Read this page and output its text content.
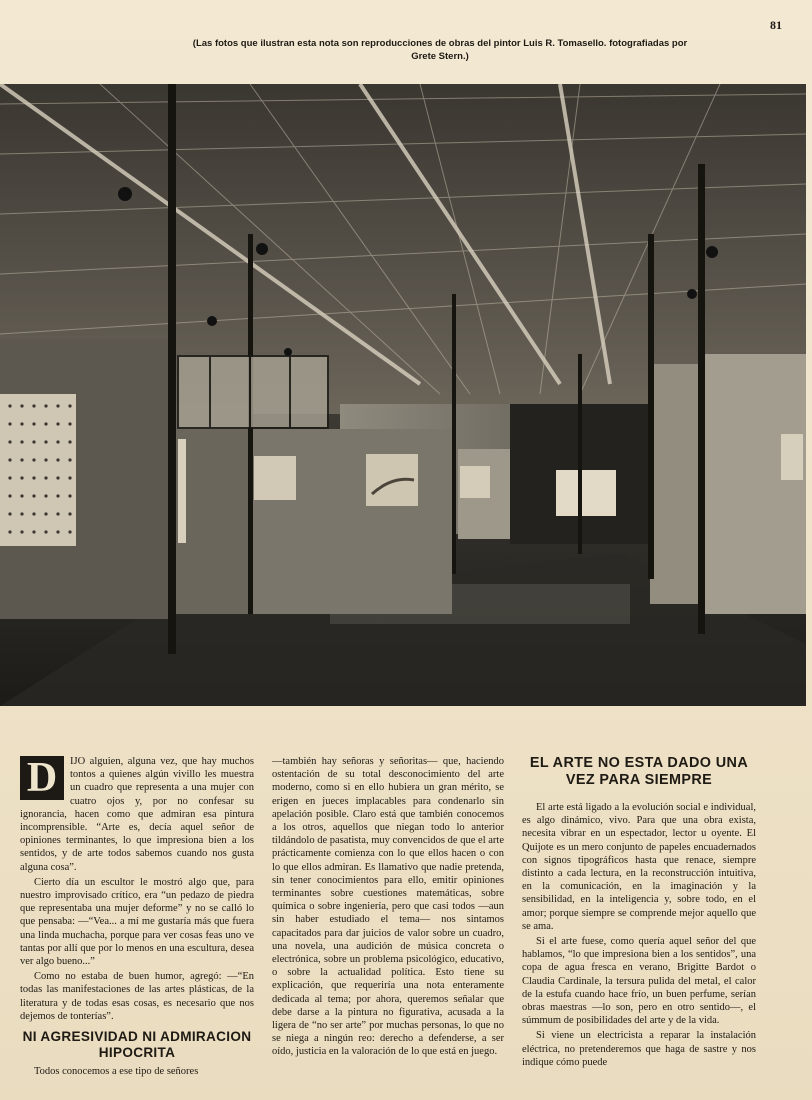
81
(Las fotos que ilustran esta nota son reproducciones de obras del pintor Luis R. Tomasello. fotografiadas por Grete Stern.)

D	IJO alguien, alguna vez, que hay muchos tontos a quienes algún vivillo les muestra un cuadro que representa a una mujer con cuatro ojos y, por no confesar su ignorancia, hacen como que admiran esa pintura incomprensible. “Arte es, decía aquel señor de opiniones terminantes, lo que impresiona bien a los sentidos, y de arte todos sabemos cuando nos gusta alguna cosa”.

Cierto día un escultor le mostró algo que, para nuestro improvisado crítico, era “un pedazo de piedra que representaba una mujer deforme” y no se calló lo que pensaba: —“Vea... a mí me gustaría más que fuera una linda muchacha, porque para ver cosas feas uno ve tantas por allí que por lo menos en una escultura, desea ver algo bueno...”

Como no estaba de buen humor, agregó: —“En todas las manifestaciones de las artes plásticas, de la literatura y de todas esas cosas, es necesario que nos dejemos de tonterías”.

NI AGRESIVIDAD NI ADMIRACION HIPOCRITA

Todos conocemos a ese tipo de señores

—también hay señoras y señoritas— que, haciendo ostentación de su total desconocimiento del arte moderno, como si en ello hubiera un gran mérito, se erigen en jueces implacables para condenarlo sin apelación posible. Claro está que también conocemos a los otros, aquellos que niegan todo lo anterior tildándolo de pasatista, muy convencidos de que el arte prácticamente comienza con lo que ellos hacen o con lo que ellos admiran. Es llamativo que nadie pretenda, sin tener conocimientos para ello, emitir opiniones terminantes sobre cuestiones matemáticas, sobre química o sobre ingeniería, pero que casi todos —aun sin haber estudiado el tema— nos sintamos capacitados para dar juicios de valor sobre un cuadro, una novela, una audición de música concreta o electrónica, sobre un problema psicológico, educativo, o sobre la actualidad política. Esto tiene su explicación, que requeriría una nota enteramente dedicada al tema; por ahora, queremos señalar que debe darse a la pintura no figurativa, acusada a la ligera de “no ser arte” por muchas personas, lo que no se niega a ningún reo: derecho a defenderse, a ser oído, justicia en la valoración de lo que está en juego.

EL ARTE NO ESTA DADO UNA VEZ PARA SIEMPRE

El arte está ligado a la evolución social e individual, es algo dinámico, vivo. Para que una obra exista, necesita vibrar en un espectador, lector u oyente. El Quijote es un mero conjunto de papeles encuadernados con signos tipográficos hasta que renace, siempre distinto a cada lectura, en la reconstrucción intuitiva, en la comunicación, en la imaginación y la sensibilidad, en la inteligencia y, sobre todo, en el amor; porque siempre se comprende mejor aquello que se ama.

Si el arte fuese, como quería aquel señor del que hablamos, “lo que impresiona bien a los sentidos”, una copa de agua fresca en verano, Brigitte Bardot o Claudia Cardinale, la tersura pulida del metal, el calor de la estufa cuando hace frío, un buen perfume, serían obras maestras —lo son, pero en otro sentido—, el súmmum de posibilidades del arte y de la vida.

Si viene un electricista a reparar la instalación eléctrica, no pretenderemos que haga de sastre y nos indique cómo puede
